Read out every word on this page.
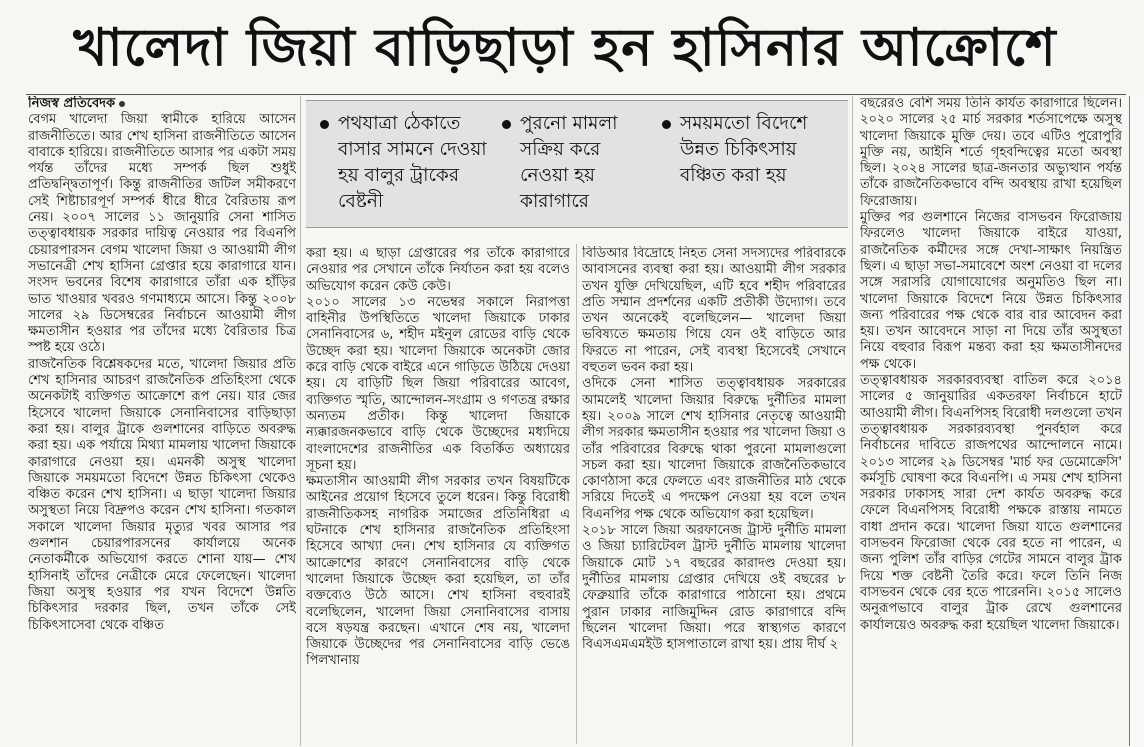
খালেদা জিয়া বাড়িছাড়া হন হাসিনার আক্রোশে

নিজস্ব প্রতিবেদক

বেগম খালেদা জিয়া স্বামীকে হারিয়ে আসেন রাজনীতিতে। আর শেখ হাসিনা রাজনীতিতে আসেন বাবাকে হারিয়ে। রাজনীতিতে আসার পর একটা সময় পর্যন্ত তাঁদের মধ্যে সম্পর্ক ছিল শুধুই প্রতিদ্বন্দ্বিতাপূর্ণ। কিন্তু রাজনীতির জটিল সমীকরণে সেই শিষ্টাচারপূর্ণ সম্পর্ক ধীরে ধীরে বৈরিতায় রূপ নেয়। ২০০৭ সালের ১১ জানুয়ারি সেনা শাসিত তত্ত্বাবধায়ক সরকার দায়িত্ব নেওয়ার পর বিএনপি চেয়ারপারসন বেগম খালেদা জিয়া ও আওয়ামী লীগ সভানেত্রী শেখ হাসিনা গ্রেপ্তার হয়ে কারাগারে যান। সংসদ ভবনের বিশেষ কারাগারে তাঁরা এক হাঁড়ির ভাত খাওয়ার খবরও গণমাধ্যমে আসে। কিন্তু ২০০৮ সালের ২৯ ডিসেম্বরের নির্বাচনে আওয়ামী লীগ ক্ষমতাসীন হওয়ার পর তাঁদের মধ্যে বৈরিতার চিত্র স্পষ্ট হয়ে ওঠে।

রাজনৈতিক বিশ্লেষকদের মতে, খালেদা জিয়ার প্রতি শেখ হাসিনার আচরণ রাজনৈতিক প্রতিহিংসা থেকে অনেকটাই ব্যক্তিগত আক্রোশে রূপ নেয়। যার জের হিসেবে খালেদা জিয়াকে সেনানিবাসের বাড়িছাড়া করা হয়। বালুর ট্রাকে গুলশানের বাড়িতে অবরুদ্ধ করা হয়। এক পর্যায়ে মিথ্যা মামলায় খালেদা জিয়াকে কারাগারে নেওয়া হয়। এমনকী অসুস্থ খালেদা জিয়াকে সময়মতো বিদেশে উন্নত চিকিৎসা থেকেও বঞ্চিত করেন শেখ হাসিনা। এ ছাড়া খালেদা জিয়ার অসুস্থতা নিয়ে বিদ্রুপও করেন শেখ হাসিনা। গতকাল সকালে খালেদা জিয়ার মৃত্যুর খবর আসার পর গুলশান চেয়ারপারসনের কার্যালয়ে অনেক নেতাকর্মীকে অভিযোগ করতে শোনা যায়— শেখ হাসিনাই তাঁদের নেত্রীকে মেরে ফেলেছেন। খালেদা জিয়া অসুস্থ হওয়ার পর যখন বিদেশে উন্নতি চিকিৎসার দরকার ছিল, তখন তাঁকে সেই চিকিৎসাসেবা থেকে বঞ্চিত

পথযাত্রা ঠেকাতে বাসার সামনে দেওয়া হয় বালুর ট্রাকের বেষ্টনী
পুরনো মামলা সক্রিয় করে নেওয়া হয় কারাগারে
সময়মতো বিদেশে উন্নত চিকিৎসায় বঞ্চিত করা হয়

করা হয়। এ ছাড়া গ্রেপ্তারের পর তাঁকে কারাগারে নেওয়ার পর সেখানে তাঁকে নির্যাতন করা হয় বলেও অভিযোগ করেন কেউ কেউ।

২০১০ সালের ১৩ নভেম্বর সকালে নিরাপত্তা বাহিনীর উপস্থিতিতে খালেদা জিয়াকে ঢাকার সেনানিবাসের ৬, শহীদ মইনুল রোডের বাড়ি থেকে উচ্ছেদ করা হয়। খালেদা জিয়াকে অনেকটা জোর করে বাড়ি থেকে বাইরে এনে গাড়িতে উঠিয়ে দেওয়া হয়। যে বাড়িটি ছিল জিয়া পরিবারের আবেগ, ব্যক্তিগত স্মৃতি, আন্দোলন-সংগ্রাম ও গণতন্ত্র রক্ষার অন্যতম প্রতীক। কিন্তু খালেদা জিয়াকে ন্যক্কারজনকভাবে বাড়ি থেকে উচ্ছেদের মধ্যদিয়ে বাংলাদেশের রাজনীতির এক বিতর্কিত অধ্যায়ের সূচনা হয়।

ক্ষমতাসীন আওয়ামী লীগ সরকার তখন বিষয়টিকে আইনের প্রয়োগ হিসেবে তুলে ধরেন। কিন্তু বিরোধী রাজনীতিকসহ নাগরিক সমাজের প্রতিনিধিরা এ ঘটনাকে শেখ হাসিনার রাজনৈতিক প্রতিহিংসা হিসেবে আখ্যা দেন। শেখ হাসিনার যে ব্যক্তিগত আক্রোশের কারণে সেনানিবাসের বাড়ি থেকে খালেদা জিয়াকে উচ্ছেদ করা হয়েছিল, তা তাঁর বক্তব্যেও উঠে আসে। শেখ হাসিনা বহুবারই বলেছিলেন, খালেদা জিয়া সেনানিবাসের বাসায় বসে ষড়যন্ত্র করছেন। এখানে শেষ নয়, খালেদা জিয়াকে উচ্ছেদের পর সেনানিবাসের বাড়ি ভেঙে পিলখানায়

বিডিআর বিদ্রোহে নিহত সেনা সদস্যদের পরিবারকে আবাসনের ব্যবস্থা করা হয়। আওয়ামী লীগ সরকার তখন যুক্তি দেখিয়েছিল, এটি হবে শহীদ পরিবারের প্রতি সম্মান প্রদর্শনের একটি প্রতীকী উদ্যোগ। তবে তখন অনেকেই বলেছিলেন— খালেদা জিয়া ভবিষ্যতে ক্ষমতায় গিয়ে যেন ওই বাড়িতে আর ফিরতে না পারেন, সেই ব্যবস্থা হিসেবেই সেখানে বহুতল ভবন করা হয়।

ওদিকে সেনা শাসিত তত্ত্বাবধায়ক সরকারের আমলেই খালেদা জিয়ার বিরুদ্ধে দুর্নীতির মামলা হয়। ২০০৯ সালে শেখ হাসিনার নেতৃত্বে আওয়ামী লীগ সরকার ক্ষমতাসীন হওয়ার পর খালেদা জিয়া ও তাঁর পরিবারের বিরুদ্ধে থাকা পুরনো মামলাগুলো সচল করা হয়। খালেদা জিয়াকে রাজনৈতিকভাবে কোণঠাসা করে ফেলতে এবং রাজনীতির মাঠ থেকে সরিয়ে দিতেই এ পদক্ষেপ নেওয়া হয় বলে তখন বিএনপির পক্ষ থেকে অভিযোগ করা হয়েছিল।

২০১৮ সালে জিয়া অরফানেজ ট্রাস্ট দুর্নীতি মামলা ও জিয়া চ্যারিটেবল ট্রাস্ট দুর্নীতি মামলায় খালেদা জিয়াকে মোট ১৭ বছরের কারাদণ্ড দেওয়া হয়। দুর্নীতির মামলায় গ্রেপ্তার দেখিয়ে ওই বছরের ৮ ফেব্রুয়ারি তাঁকে কারাগারে পাঠানো হয়। প্রথমে পুরান ঢাকার নাজিমুদ্দিন রোড কারাগারে বন্দি ছিলেন খালেদা জিয়া। পরে স্বাস্থ্যগত কারণে বিএসএমএমইউ হাসপাতালে রাখা হয়। প্রায় দীর্ঘ ২

বছরেরও বেশি সময় তিনি কার্যত কারাগারে ছিলেন। ২০২০ সালের ২৫ মার্চ সরকার শর্তসাপেক্ষে অসুস্থ খালেদা জিয়াকে মুক্তি দেয়। তবে এটিও পুরোপুরি মুক্তি নয়, আইনি শর্তে গৃহবন্দিত্বের মতো অবস্থা ছিল। ২০২৪ সালের ছাত্র-জনতার অভ্যুত্থান পর্যন্ত তাঁকে রাজনৈতিকভাবে বন্দি অবস্থায় রাখা হয়েছিল ফিরোজায়।

মুক্তির পর গুলশানে নিজের বাসভবন ফিরোজায় ফিরলেও খালেদা জিয়াকে বাইরে যাওয়া, রাজনৈতিক কর্মীদের সঙ্গে দেখা-সাক্ষাৎ নিয়ন্ত্রিত ছিল। এ ছাড়া সভা-সমাবেশে অংশ নেওয়া বা দলের সঙ্গে সরাসরি যোগাযোগের অনুমতিও ছিল না। খালেদা জিয়াকে বিদেশে নিয়ে উন্নত চিকিৎসার জন্য পরিবারের পক্ষ থেকে বার বার আবেদন করা হয়। তখন আবেদনে সাড়া না দিয়ে তাঁর অসুস্থতা নিয়ে বহুবার বিরূপ মন্তব্য করা হয় ক্ষমতাসীনদের পক্ষ থেকে।

তত্ত্বাবধায়ক সরকারব্যবস্থা বাতিল করে ২০১৪ সালের ৫ জানুয়ারির একতরফা নির্বাচনে হাটে আওয়ামী লীগ। বিএনপিসহ বিরোধী দলগুলো তখন তত্ত্বাবধায়ক সরকারব্যবস্থা পুনর্বহাল করে নির্বাচনের দাবিতে রাজপথের আন্দোলনে নামে। ২০১৩ সালের ২৯ ডিসেম্বর 'মার্চ ফর ডেমোক্রেসি' কর্মসূচি ঘোষণা করে বিএনপি। এ সময় শেখ হাসিনা সরকার ঢাকাসহ সারা দেশ কার্যত অবরুদ্ধ করে ফেলে বিএনপিসহ বিরোধী পক্ষকে রাস্তায় নামতে বাধা প্রদান করে। খালেদা জিয়া যাতে গুলশানের বাসভবন ফিরোজা থেকে বের হতে না পারেন, এ জন্য পুলিশ তাঁর বাড়ির গেটের সামনে বালুর ট্রাক দিয়ে শক্ত বেষ্টনী তৈরি করে। ফলে তিনি নিজ বাসভবন থেকে বের হতে পারেননি। ২০১৫ সালেও অনুরূপভাবে বালুর ট্রাক রেখে গুলশানের কার্যালয়েও অবরুদ্ধ করা হয়েছিল খালেদা জিয়াকে।
